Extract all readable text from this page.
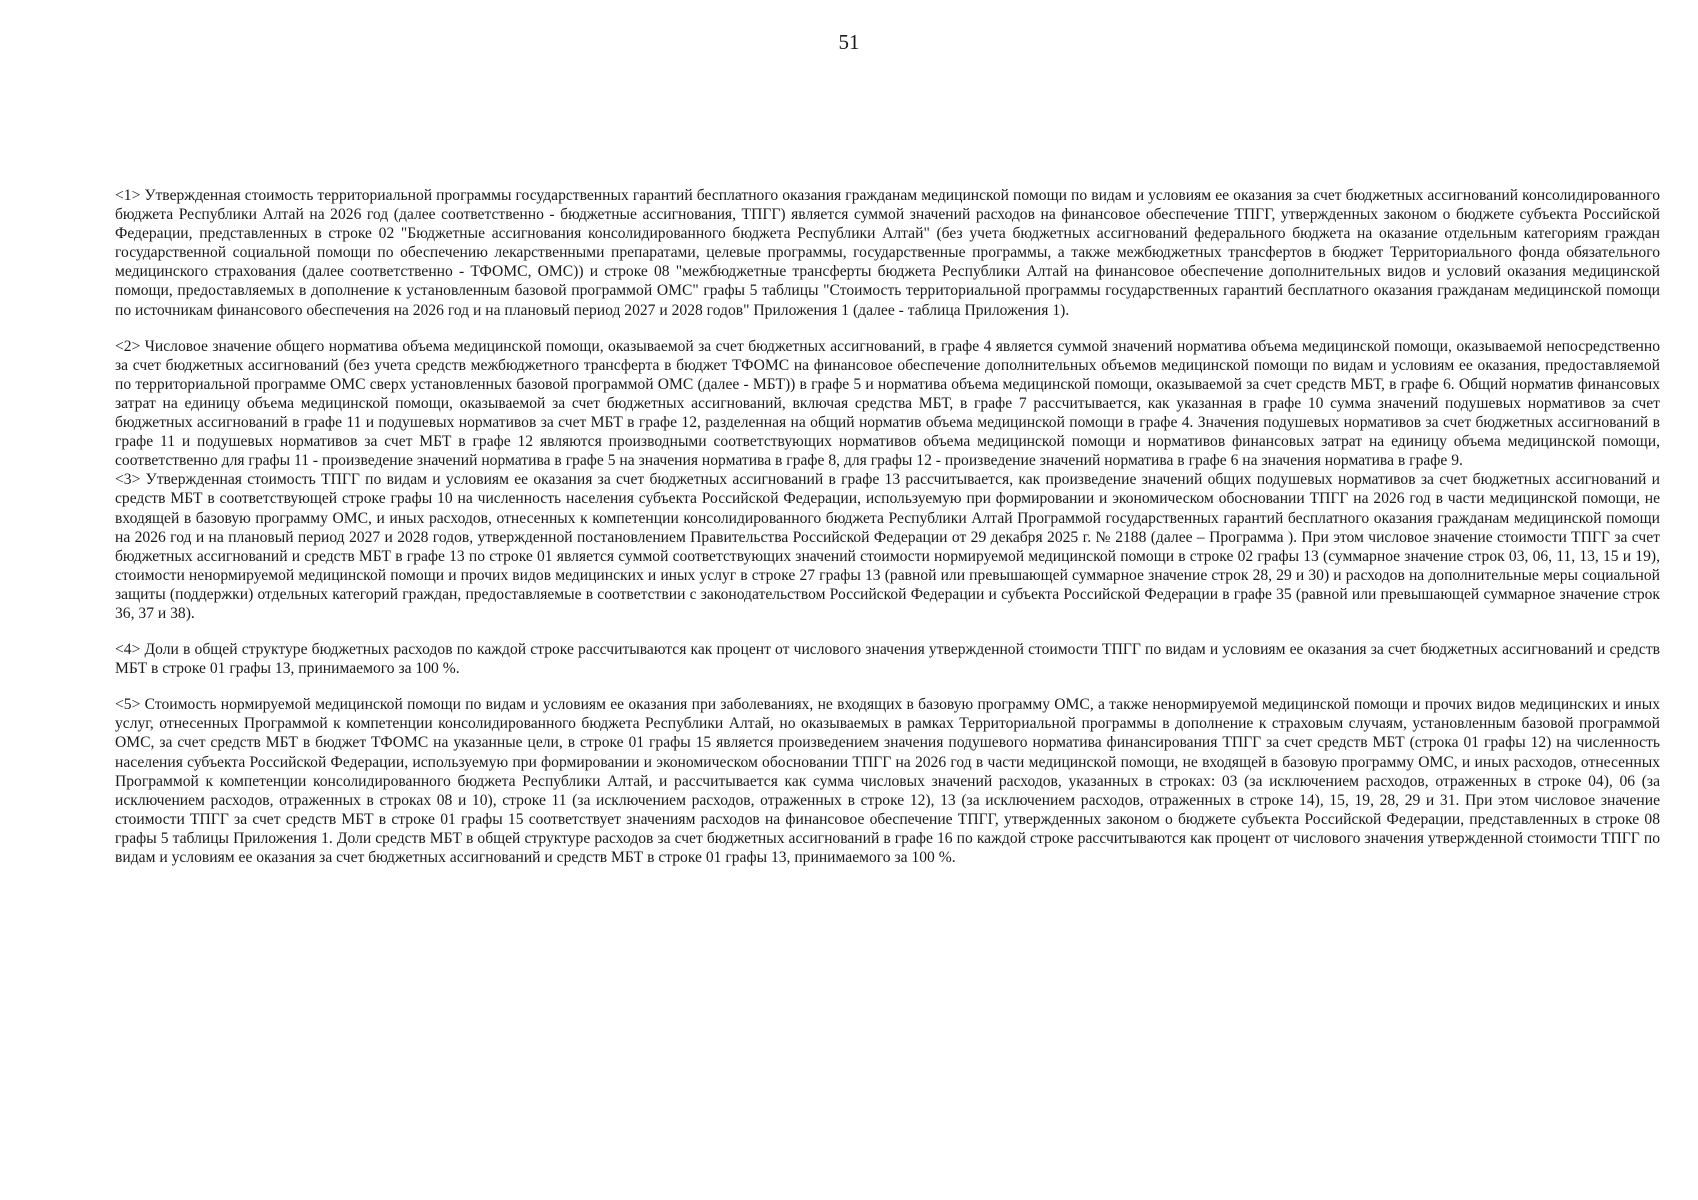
51

<1> Утвержденная стоимость территориальной программы государственных гарантий бесплатного оказания гражданам медицинской помощи по видам и условиям ее оказания за счет бюджетных ассигнований консолидированного бюджета Республики Алтай на 2026 год (далее соответственно - бюджетные ассигнования, ТПГГ) является суммой значений расходов на финансовое обеспечение ТПГГ, утвержденных законом о бюджете субъекта Российской Федерации, представленных в строке 02 "Бюджетные ассигнования консолидированного бюджета Республики Алтай" (без учета бюджетных ассигнований федерального бюджета на оказание отдельным категориям граждан государственной социальной помощи по обеспечению лекарственными препаратами, целевые программы, государственные программы, а также межбюджетных трансфертов в бюджет Территориального фонда обязательного медицинского страхования (далее соответственно - ТФОМС, ОМС)) и строке 08 "межбюджетные трансферты бюджета Республики Алтай на финансовое обеспечение дополнительных видов и условий оказания медицинской помощи, предоставляемых в дополнение к установленным базовой программой ОМС" графы 5 таблицы "Стоимость территориальной программы государственных гарантий бесплатного оказания гражданам медицинской помощи по источникам финансового обеспечения на 2026 год и на плановый период 2027 и 2028 годов" Приложения 1 (далее - таблица Приложения 1).

<2> Числовое значение общего норматива объема медицинской помощи, оказываемой за счет бюджетных ассигнований, в графе 4 является суммой значений норматива объема медицинской помощи, оказываемой непосредственно за счет бюджетных ассигнований (без учета средств межбюджетного трансферта в бюджет ТФОМС на финансовое обеспечение дополнительных объемов медицинской помощи по видам и условиям ее оказания, предоставляемой по территориальной программе ОМС сверх установленных базовой программой ОМС (далее - МБТ)) в графе 5 и норматива объема медицинской помощи, оказываемой за счет средств МБТ, в графе 6. Общий норматив финансовых затрат на единицу объема медицинской помощи, оказываемой за счет бюджетных ассигнований, включая средства МБТ, в графе 7 рассчитывается, как указанная в графе 10 сумма значений подушевых нормативов за счет бюджетных ассигнований в графе 11 и подушевых нормативов за счет МБТ в графе 12, разделенная на общий норматив объема медицинской помощи в графе 4. Значения подушевых нормативов за счет бюджетных ассигнований в графе 11 и подушевых нормативов за счет МБТ в графе 12 являются производными соответствующих нормативов объема медицинской помощи и нормативов финансовых затрат на единицу объема медицинской помощи, соответственно для графы 11 - произведение значений норматива в графе 5 на значения норматива в графе 8, для графы 12 - произведение значений норматива в графе 6 на значения норматива в графе 9.

<3> Утвержденная стоимость ТПГГ по видам и условиям ее оказания за счет бюджетных ассигнований в графе 13 рассчитывается, как произведение значений общих подушевых нормативов за счет бюджетных ассигнований и средств МБТ в соответствующей строке графы 10 на численность населения субъекта Российской Федерации, используемую при формировании и экономическом обосновании ТПГГ на 2026 год в части медицинской помощи, не входящей в базовую программу ОМС, и иных расходов, отнесенных к компетенции консолидированного бюджета Республики Алтай Программой государственных гарантий бесплатного оказания гражданам медицинской помощи на 2026 год и на плановый период 2027 и 2028 годов, утвержденной постановлением Правительства Российской Федерации от 29 декабря 2025 г. № 2188 (далее – Программа ). При этом числовое значение стоимости ТПГГ за счет бюджетных ассигнований и средств МБТ в графе 13 по строке 01 является суммой соответствующих значений стоимости нормируемой медицинской помощи в строке 02 графы 13 (суммарное значение строк 03, 06, 11, 13, 15 и 19), стоимости ненормируемой медицинской помощи и прочих видов медицинских и иных услуг в строке 27 графы 13 (равной или превышающей суммарное значение строк 28, 29 и 30) и расходов на дополнительные меры социальной защиты (поддержки) отдельных категорий граждан, предоставляемые в соответствии с законодательством Российской Федерации и субъекта Российской Федерации в графе 35 (равной или превышающей суммарное значение строк 36, 37 и 38).

<4> Доли в общей структуре бюджетных расходов по каждой строке рассчитываются как процент от числового значения утвержденной стоимости ТПГГ по видам и условиям ее оказания за счет бюджетных ассигнований и средств МБТ в строке 01 графы 13, принимаемого за 100 %.

<5> Стоимость нормируемой медицинской помощи по видам и условиям ее оказания при заболеваниях, не входящих в базовую программу ОМС, а также ненормируемой медицинской помощи и прочих видов медицинских и иных услуг, отнесенных Программой к компетенции консолидированного бюджета Республики Алтай, но оказываемых в рамках Территориальной программы в дополнение к страховым случаям, установленным базовой программой ОМС, за счет средств МБТ в бюджет ТФОМС на указанные цели, в строке 01 графы 15 является произведением значения подушевого норматива финансирования ТПГГ за счет средств МБТ (строка 01 графы 12) на численность населения субъекта Российской Федерации, используемую при формировании и экономическом обосновании ТПГГ на 2026 год в части медицинской помощи, не входящей в базовую программу ОМС, и иных расходов, отнесенных Программой к компетенции консолидированного бюджета Республики Алтай, и рассчитывается как сумма числовых значений расходов, указанных в строках: 03 (за исключением расходов, отраженных в строке 04), 06 (за исключением расходов, отраженных в строках 08 и 10), строке 11 (за исключением расходов, отраженных в строке 12), 13 (за исключением расходов, отраженных в строке 14), 15, 19, 28, 29 и 31. При этом числовое значение стоимости ТПГГ за счет средств МБТ в строке 01 графы 15 соответствует значениям расходов на финансовое обеспечение ТПГГ, утвержденных законом о бюджете субъекта Российской Федерации, представленных в строке 08 графы 5 таблицы Приложения 1. Доли средств МБТ в общей структуре расходов за счет бюджетных ассигнований в графе 16 по каждой строке рассчитываются как процент от числового значения утвержденной стоимости ТПГГ по видам и условиям ее оказания за счет бюджетных ассигнований и средств МБТ в строке 01 графы 13, принимаемого за 100 %.
